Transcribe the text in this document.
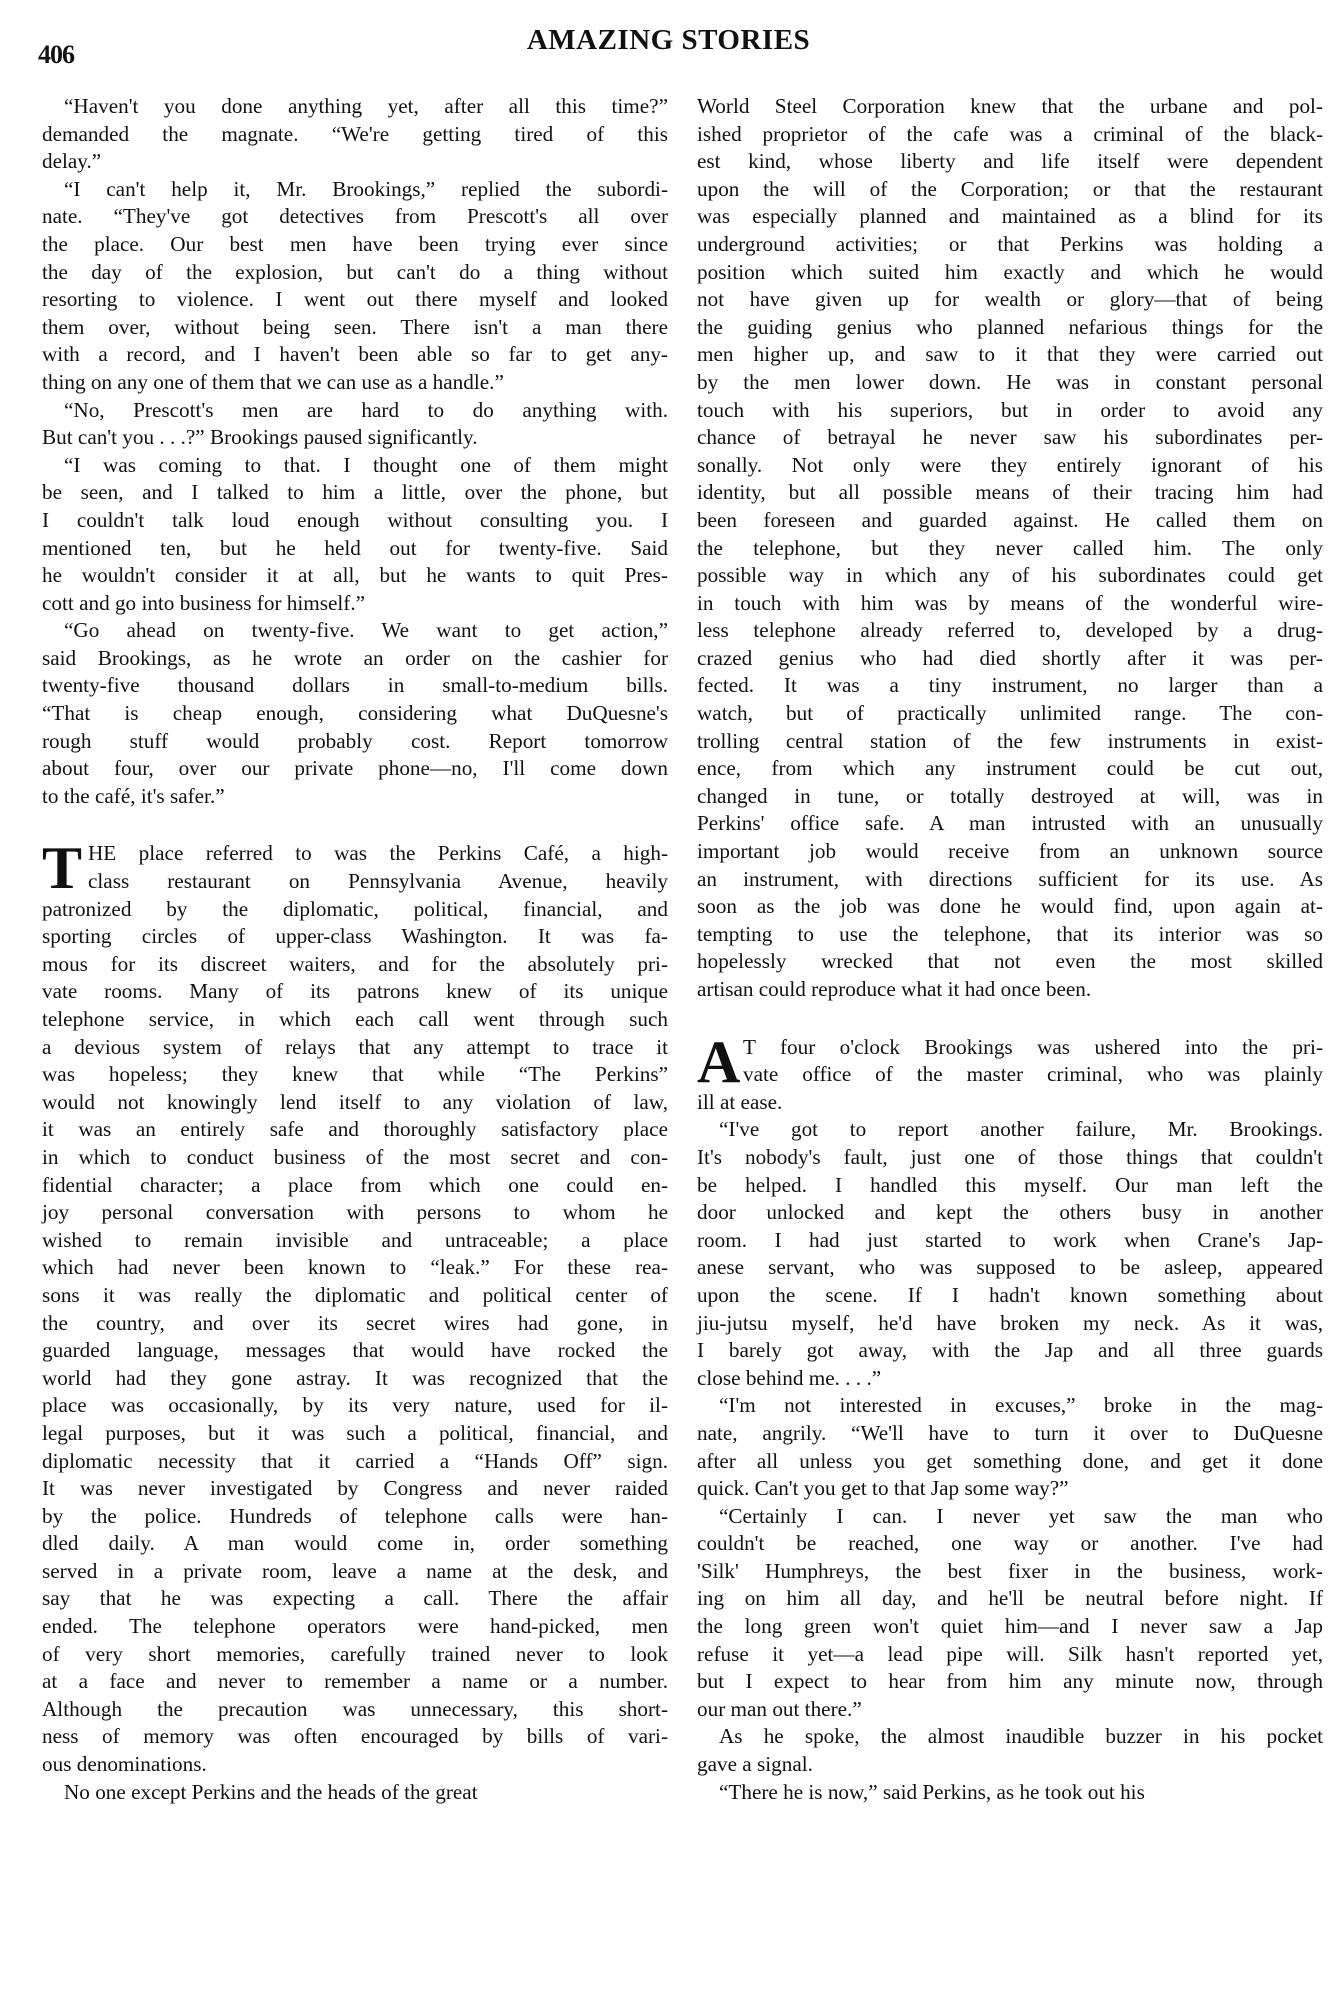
406	AMAZING STORIES
“Haven't you done anything yet, after all this time?”
demanded the magnate. “We're getting tired of this
delay.”
“I can't help it, Mr. Brookings,” replied the subordi-
nate. “They've got detectives from Prescott's all over
the place. Our best men have been trying ever since
the day of the explosion, but can't do a thing without
resorting to violence. I went out there myself and looked
them over, without being seen. There isn't a man there
with a record, and I haven't been able so far to get any-
thing on any one of them that we can use as a handle.”
“No, Prescott's men are hard to do anything with.
But can't you . . .?” Brookings paused significantly.
“I was coming to that. I thought one of them might
be seen, and I talked to him a little, over the phone, but
I couldn't talk loud enough without consulting you. I
mentioned ten, but he held out for twenty-five. Said
he wouldn't consider it at all, but he wants to quit Pres-
cott and go into business for himself.”
“Go ahead on twenty-five. We want to get action,”
said Brookings, as he wrote an order on the cashier for
twenty-five thousand dollars in small-to-medium bills.
“That is cheap enough, considering what DuQuesne's
rough stuff would probably cost. Report tomorrow
about four, over our private phone—no, I'll come down
to the café, it's safer.”
T HE place referred to was the Perkins Café, a high-
class restaurant on Pennsylvania Avenue, heavily
patronized by the diplomatic, political, financial, and
sporting circles of upper-class Washington. It was fa-
mous for its discreet waiters, and for the absolutely pri-
vate rooms. Many of its patrons knew of its unique
telephone service, in which each call went through such
a devious system of relays that any attempt to trace it
was hopeless; they knew that while “The Perkins”
would not knowingly lend itself to any violation of law,
it was an entirely safe and thoroughly satisfactory place
in which to conduct business of the most secret and con-
fidential character; a place from which one could en-
joy personal conversation with persons to whom he
wished to remain invisible and untraceable; a place
which had never been known to “leak.” For these rea-
sons it was really the diplomatic and political center of
the country, and over its secret wires had gone, in
guarded language, messages that would have rocked the
world had they gone astray. It was recognized that the
place was occasionally, by its very nature, used for il-
legal purposes, but it was such a political, financial, and
diplomatic necessity that it carried a “Hands Off” sign.
It was never investigated by Congress and never raided
by the police. Hundreds of telephone calls were han-
dled daily. A man would come in, order something
served in a private room, leave a name at the desk, and
say that he was expecting a call. There the affair
ended. The telephone operators were hand-picked, men
of very short memories, carefully trained never to look
at a face and never to remember a name or a number.
Although the precaution was unnecessary, this short-
ness of memory was often encouraged by bills of vari-
ous denominations.
No one except Perkins and the heads of the great
World Steel Corporation knew that the urbane and pol-
ished proprietor of the cafe was a criminal of the black-
est kind, whose liberty and life itself were dependent
upon the will of the Corporation; or that the restaurant
was especially planned and maintained as a blind for its
underground activities; or that Perkins was holding a
position which suited him exactly and which he would
not have given up for wealth or glory—that of being
the guiding genius who planned nefarious things for the
men higher up, and saw to it that they were carried out
by the men lower down. He was in constant personal
touch with his superiors, but in order to avoid any
chance of betrayal he never saw his subordinates per-
sonally. Not only were they entirely ignorant of his
identity, but all possible means of their tracing him had
been foreseen and guarded against. He called them on
the telephone, but they never called him. The only
possible way in which any of his subordinates could get
in touch with him was by means of the wonderful wire-
less telephone already referred to, developed by a drug-
crazed genius who had died shortly after it was per-
fected. It was a tiny instrument, no larger than a
watch, but of practically unlimited range. The con-
trolling central station of the few instruments in exist-
ence, from which any instrument could be cut out,
changed in tune, or totally destroyed at will, was in
Perkins' office safe. A man intrusted with an unusually
important job would receive from an unknown source
an instrument, with directions sufficient for its use. As
soon as the job was done he would find, upon again at-
tempting to use the telephone, that its interior was so
hopelessly wrecked that not even the most skilled
artisan could reproduce what it had once been.
A T four o'clock Brookings was ushered into the pri-
vate office of the master criminal, who was plainly
ill at ease.
“I've got to report another failure, Mr. Brookings.
It's nobody's fault, just one of those things that couldn't
be helped. I handled this myself. Our man left the
door unlocked and kept the others busy in another
room. I had just started to work when Crane's Jap-
anese servant, who was supposed to be asleep, appeared
upon the scene. If I hadn't known something about
jiu-jutsu myself, he'd have broken my neck. As it was,
I barely got away, with the Jap and all three guards
close behind me. . . .”
“I'm not interested in excuses,” broke in the mag-
nate, angrily. “We'll have to turn it over to DuQuesne
after all unless you get something done, and get it done
quick. Can't you get to that Jap some way?”
“Certainly I can. I never yet saw the man who
couldn't be reached, one way or another. I've had
'Silk' Humphreys, the best fixer in the business, work-
ing on him all day, and he'll be neutral before night. If
the long green won't quiet him—and I never saw a Jap
refuse it yet—a lead pipe will. Silk hasn't reported yet,
but I expect to hear from him any minute now, through
our man out there.”
As he spoke, the almost inaudible buzzer in his pocket
gave a signal.
“There he is now,” said Perkins, as he took out his
